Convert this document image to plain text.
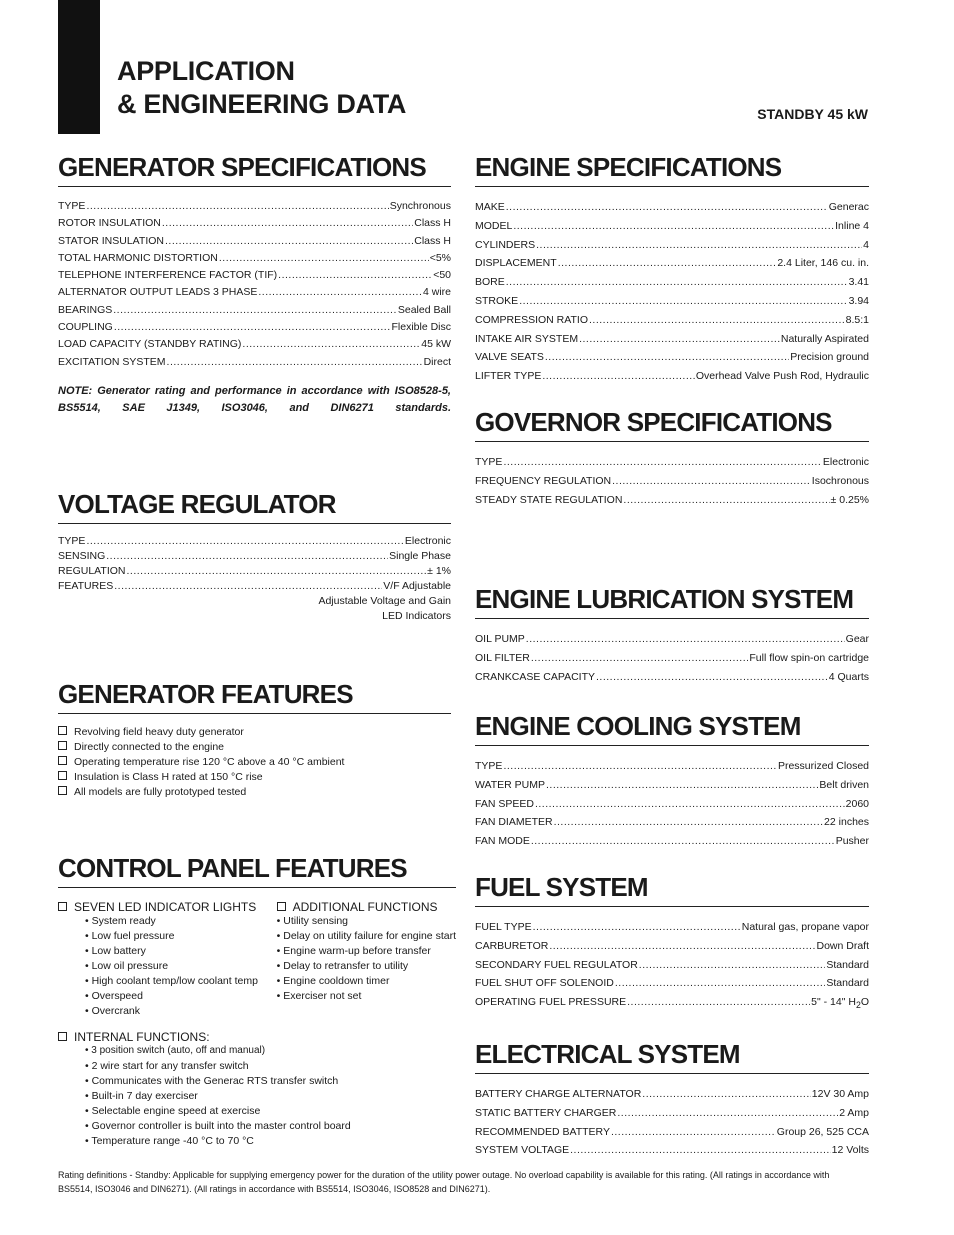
APPLICATION
& ENGINEERING DATA	STANDBY 45 kW
GENERATOR SPECIFICATIONS
TYPE .....	Synchronous
ROTOR INSULATION .....	Class H
STATOR INSULATION .....	Class H
TOTAL HARMONIC DISTORTION .....	<5%
TELEPHONE INTERFERENCE FACTOR (TIF) .....	<50
ALTERNATOR OUTPUT LEADS 3 PHASE .....	4 wire
BEARINGS .....	Sealed Ball
COUPLING .....	Flexible Disc
LOAD CAPACITY (STANDBY RATING) .....	45 kW
EXCITATION SYSTEM .....	Direct
NOTE: Generator rating and performance in accordance with ISO8528-5, BS5514, SAE J1349, ISO3046, and DIN6271 standards.
VOLTAGE REGULATOR
TYPE .....	Electronic
SENSING .....	Single Phase
REGULATION .....	± 1%
FEATURES .....	V/F Adjustable
Adjustable Voltage and Gain
LED Indicators
GENERATOR FEATURES
Revolving field heavy duty generator
Directly connected to the engine
Operating temperature rise 120 °C above a 40 °C ambient
Insulation is Class H rated at 150 °C rise
All models are fully prototyped tested
CONTROL PANEL FEATURES
SEVEN LED INDICATOR LIGHTS
• System ready
• Low fuel pressure
• Low battery
• Low oil pressure
• High coolant temp/low coolant temp
• Overspeed
• Overcrank
ADDITIONAL FUNCTIONS
• Utility sensing
• Delay on utility failure for engine start
• Engine warm-up before transfer
• Delay to retransfer to utility
• Engine cooldown timer
• Exerciser not set
INTERNAL FUNCTIONS:
• 3 position switch (auto, off and manual)
• 2 wire start for any transfer switch
• Communicates with the Generac RTS transfer switch
• Built-in 7 day exerciser
• Selectable engine speed at exercise
• Governor controller is built into the master control board
• Temperature range -40 °C to 70 °C
ENGINE SPECIFICATIONS
MAKE .....	Generac
MODEL .....	Inline 4
CYLINDERS .....	4
DISPLACEMENT .....	2.4 Liter, 146 cu. in.
BORE .....	3.41
STROKE .....	3.94
COMPRESSION RATIO .....	8.5:1
INTAKE AIR SYSTEM .....	Naturally Aspirated
VALVE SEATS .....	Precision ground
LIFTER TYPE .....	Overhead Valve Push Rod, Hydraulic
GOVERNOR SPECIFICATIONS
TYPE .....	Electronic
FREQUENCY REGULATION .....	Isochronous
STEADY STATE REGULATION .....	± 0.25%
ENGINE LUBRICATION SYSTEM
OIL PUMP .....	Gear
OIL FILTER .....	Full flow spin-on cartridge
CRANKCASE CAPACITY .....	4 Quarts
ENGINE COOLING SYSTEM
TYPE .....	Pressurized Closed
WATER PUMP .....	Belt driven
FAN SPEED .....	2060
FAN DIAMETER .....	22 inches
FAN MODE .....	Pusher
FUEL SYSTEM
FUEL TYPE .....	Natural gas, propane vapor
CARBURETOR .....	Down Draft
SECONDARY FUEL REGULATOR .....	Standard
FUEL SHUT OFF SOLENOID .....	Standard
OPERATING FUEL PRESSURE .....	5" - 14" $H_2O$
ELECTRICAL SYSTEM
BATTERY CHARGE ALTERNATOR .....	12V 30 Amp
STATIC BATTERY CHARGER .....	2 Amp
RECOMMENDED BATTERY .....	Group 26, 525 CCA
SYSTEM VOLTAGE .....	12 Volts
Rating definitions - Standby: Applicable for supplying emergency power for the duration of the utility power outage. No overload capability is available for this rating. (All ratings in accordance with
BS5514, ISO3046 and DIN6271). (All ratings in accordance with BS5514, ISO3046, ISO8528 and DIN6271).
